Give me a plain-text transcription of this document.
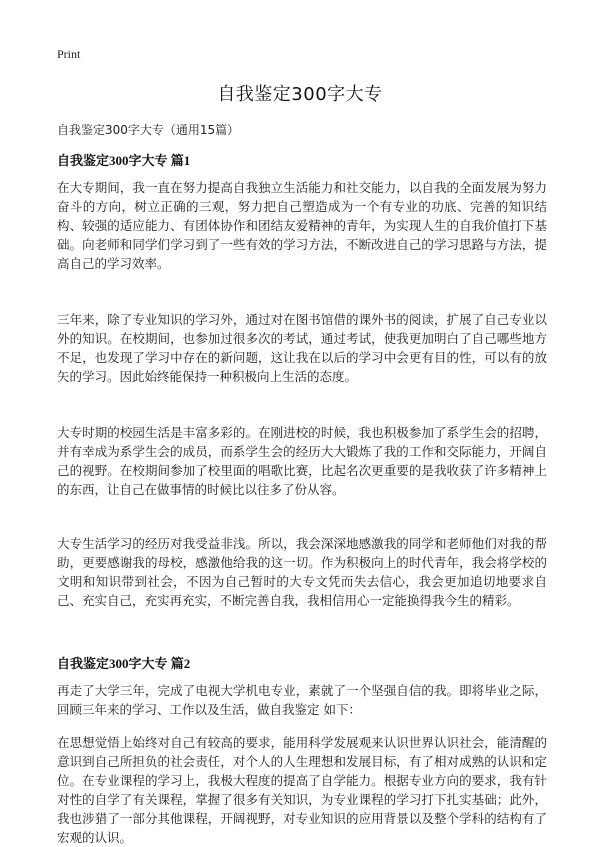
Print
自我鉴定300字大专
自我鉴定300字大专（通用15篇）
自我鉴定300字大专 篇1

在大专期间，我一直在努力提高自我独立生活能力和社交能力，以自我的全面发展为努力奋斗的方向，树立正确的三观，努力把自己塑造成为一个有专业的功底、完善的知识结构、较强的适应能力、有团体协作和团结友爱精神的青年，为实现人生的自我价值打下基础。向老师和同学们学习到了一些有效的学习方法，不断改进自己的学习思路与方法，提高自己的学习效率。

三年来，除了专业知识的学习外，通过对在图书馆借的课外书的阅读，扩展了自己专业以外的知识。在校期间，也参加过很多次的考试，通过考试，使我更加明白了自己哪些地方不足，也发现了学习中存在的新问题，这让我在以后的学习中会更有目的性，可以有的放矢的学习。因此始终能保持一种积极向上生活的态度。

大专时期的校园生活是丰富多彩的。在刚进校的时候，我也积极参加了系学生会的招聘，并有幸成为系学生会的成员，而系学生会的经历大大锻炼了我的工作和交际能力，开阔自己的视野。在校期间参加了校里面的唱歌比赛，比起名次更重要的是我收获了许多精神上的东西，让自己在做事情的时候比以往多了份从容。

大专生活学习的经历对我受益非浅。所以，我会深深地感激我的同学和老师他们对我的帮助，更要感谢我的母校，感激他给我的这一切。作为积极向上的时代青年，我会将学校的文明和知识带到社会，不因为自己暂时的大专文凭而失去信心，我会更加追切地要求自己、充实自己，充实再充实，不断完善自我，我相信用心一定能换得我今生的精彩。

自我鉴定300字大专 篇2

再走了大学三年，完成了电视大学机电专业，素就了一个坚强自信的我。即将毕业之际，回顾三年来的学习、工作以及生活，做自我鉴定 如下：

在思想觉悟上始终对自己有较高的要求，能用科学发展观来认识世界认识社会，能清醒的意识到自己所担负的社会责任，对个人的人生理想和发展目标，有了相对成熟的认识和定位。在专业课程的学习上，我极大程度的提高了自学能力。根据专业方向的要求，我有针对性的自学了有关课程，掌握了很多有关知识，为专业课程的学习打下扎实基础；此外，我也涉猎了一部分其他课程，开阔视野，对专业知识的应用背景以及整个学科的结构有了宏观的认识。
